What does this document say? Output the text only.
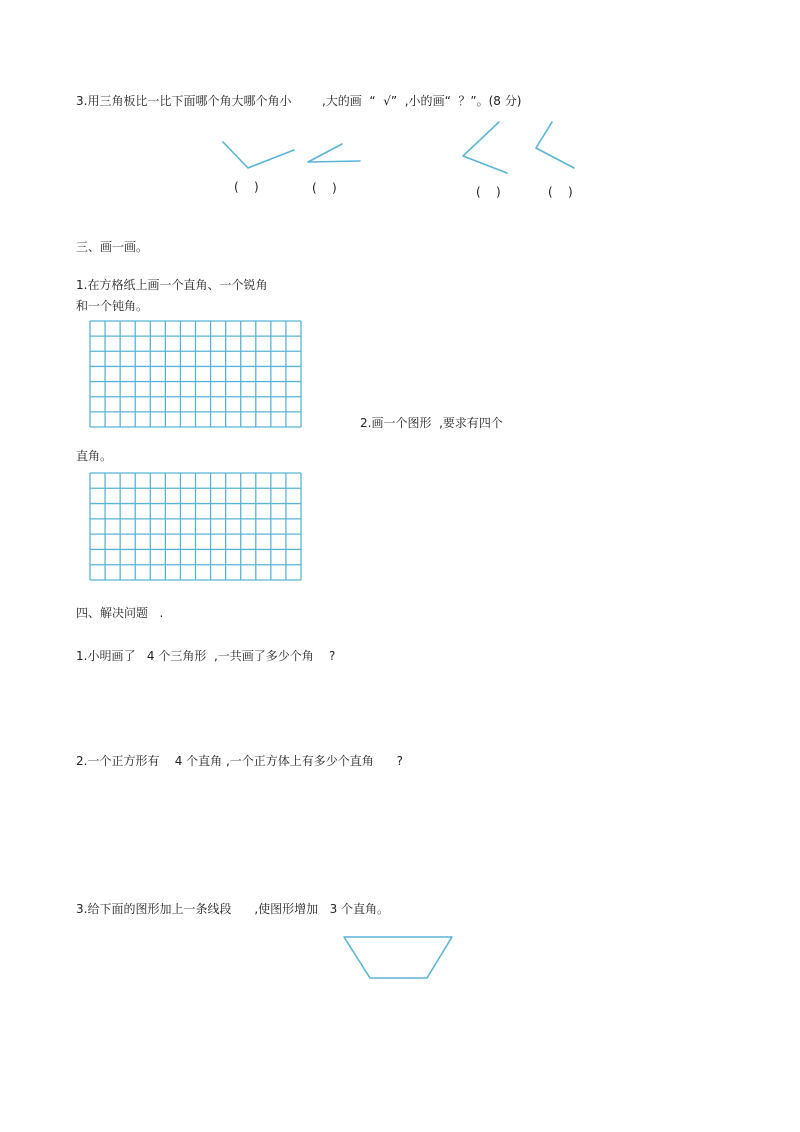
3.用三角板比一比下面哪个角大哪个角小        ,大的画  “  √”  ,小的画“  ？”。(8 分)
(    )	(    )	(    )	(    )
三、画一画。
1.在方格纸上画一个直角、一个锐角
和一个钝角。
2.画一个图形  ,要求有四个
直角。
四、解决问题   .
1.小明画了   4 个三角形  ,一共画了多少个角    ?
2.一个正方形有    4 个直角 ,一个正方体上有多少个直角      ?
3.给下面的图形加上一条线段      ,使图形增加   3 个直角。
